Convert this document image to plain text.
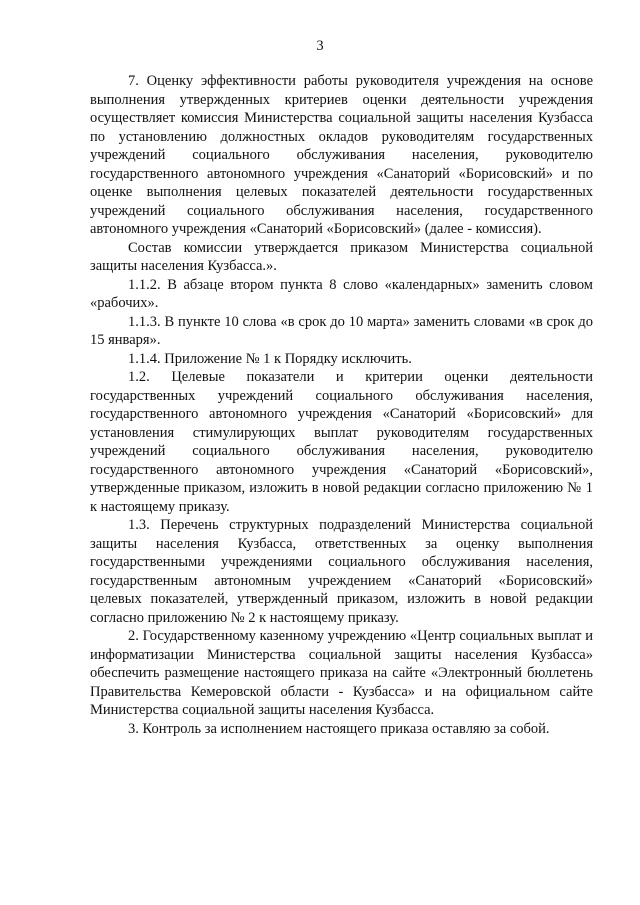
3

7. Оценку эффективности работы руководителя учреждения на основе выполнения утвержденных критериев оценки деятельности учреждения осуществляет комиссия Министерства социальной защиты населения Кузбасса по установлению должностных окладов руководителям государственных учреждений социального обслуживания населения, руководителю государственного автономного учреждения «Санаторий «Борисовский» и по оценке выполнения целевых показателей деятельности государственных учреждений социального обслуживания населения, государственного автономного учреждения «Санаторий «Борисовский» (далее - комиссия).

Состав комиссии утверждается приказом Министерства социальной защиты населения Кузбасса.».

1.1.2. В абзаце втором пункта 8 слово «календарных» заменить словом «рабочих».

1.1.3. В пункте 10 слова «в срок до 10 марта» заменить словами «в срок до 15 января».

1.1.4. Приложение № 1 к Порядку исключить.

1.2. Целевые показатели и критерии оценки деятельности государственных учреждений социального обслуживания населения, государственного автономного учреждения «Санаторий «Борисовский» для установления стимулирующих выплат руководителям государственных учреждений социального обслуживания населения, руководителю государственного автономного учреждения «Санаторий «Борисовский», утвержденные приказом, изложить в новой редакции согласно приложению № 1 к настоящему приказу.

1.3. Перечень структурных подразделений Министерства социальной защиты населения Кузбасса, ответственных за оценку выполнения государственными учреждениями социального обслуживания населения, государственным автономным учреждением «Санаторий «Борисовский» целевых показателей, утвержденный приказом, изложить в новой редакции согласно приложению № 2 к настоящему приказу.

2. Государственному казенному учреждению «Центр социальных выплат и информатизации Министерства социальной защиты населения Кузбасса» обеспечить размещение настоящего приказа на сайте «Электронный бюллетень Правительства Кемеровской области - Кузбасса» и на официальном сайте Министерства социальной защиты населения Кузбасса.

3. Контроль за исполнением настоящего приказа оставляю за собой.
